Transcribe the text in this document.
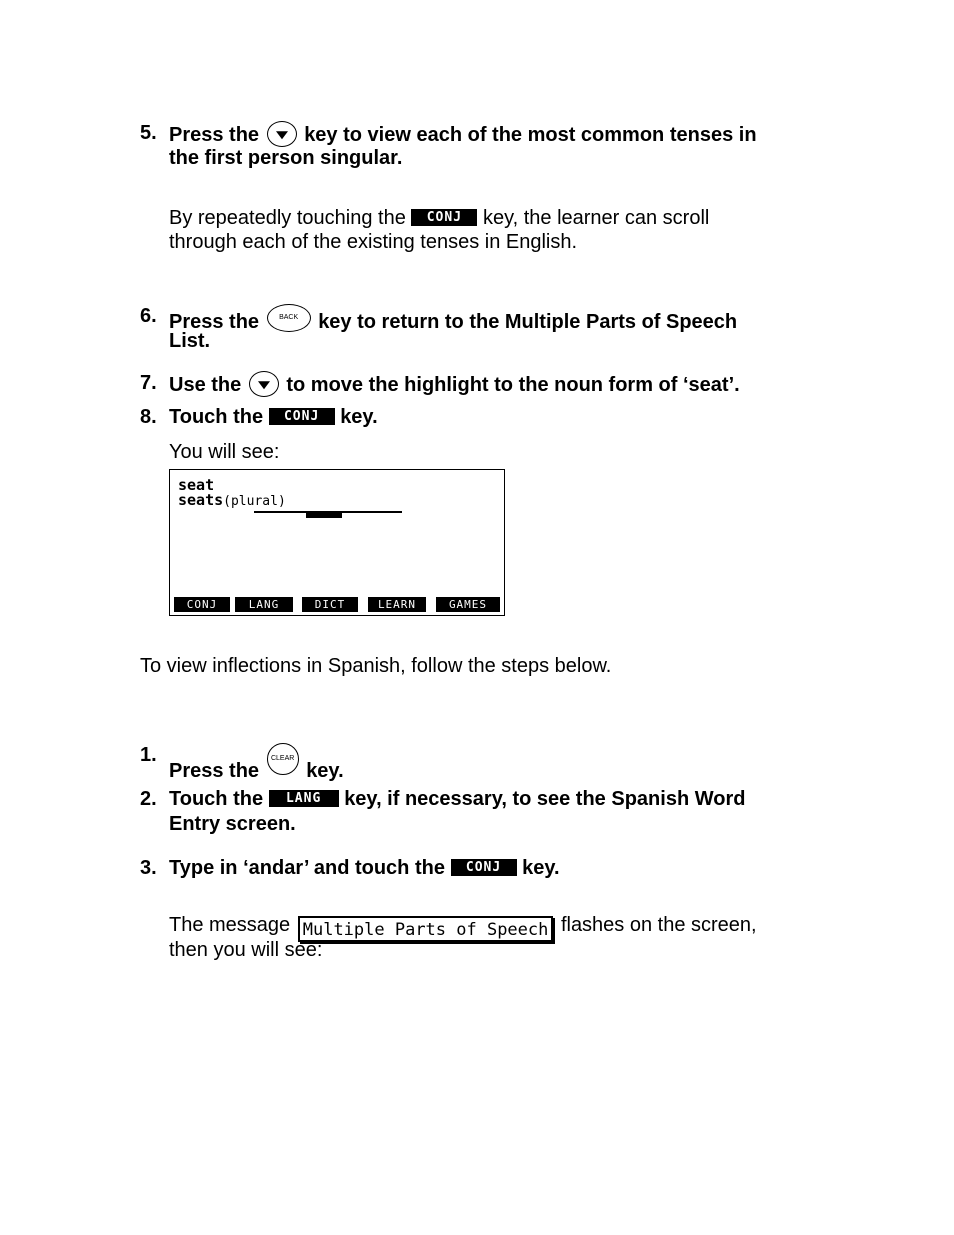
5. Press the key to view each of the most common tenses in
the first person singular.
By repeatedly touching the CONJ key, the learner can scroll
through each of the existing tenses in English.
6. Press the	BACK	key to return to the Multiple Parts of Speech
List.
7. Use the to move the highlight to the noun form of ‘seat’.
8. Touch the CONJ key.
You will see:
seat
seats(plural)
CONJ	LANG	DICT	LEARN	GAMES
To view inflections in Spanish, follow the steps below.
1.
Press the
CLEAR
key.
2. Touch the LANG key, if necessary, to see the Spanish Word
Entry screen.
3. Type in ‘andar’ and touch the CONJ key.
The message Multiple Parts of Speech flashes on the screen,
then you will see:
